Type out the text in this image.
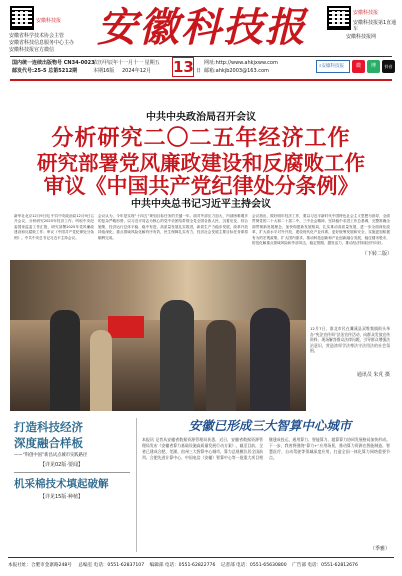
安徽科技报
安徽省科学技术协会主管
安徽省科技信息服务中心主办
安徽科技报官方微信	安徽科技报	安徽科技报
安徽科技报第1直通车
安徽科技报网
国内统一连续出版物号 CN34-0023
邮发代号:25-5 总第5212期
农历甲辰年十一月十一 星期五
本期16版	2024年12月	13 日
网址:http://www.ahkjxww.com
邮箱:ahkjb2003@163.com
⌕安徽科技报	微	博	抖音
中共中央政治局召开会议
分析研究二〇二五年经济工作
研究部署党风廉政建设和反腐败工作
审议《中国共产党纪律处分条例》
中共中央总书记习近平主持会议
新华社北京12月9日电 中共中央政治局12月9日召开会议，分析研究2025年经济工作；听取中央纪委国家监委工作汇报，研究部署2025年党风廉政建设和反腐败工作；审议《中国共产党纪律处分条例》。中共中央总书记习近平主持会议。
会议认为，今年是实现“十四五”规划目标任务的关键一年。面对外部压力加大、内部困难增多的复杂严峻形势，以习近平同志为核心的党中央团结带领全党全国各族人民，沉着应变、综合施策，经济运行总体平稳、稳中有进，高质量发展扎实推进，新质生产力稳步发展，改革开放持续深化，重点领域风险化解有序有效，民生保障扎实有力，经济社会发展主要目标任务即将顺利完成。
会议指出，做好明年经济工作，要以习近平新时代中国特色社会主义思想为指导，全面贯彻党的二十大和二十届二中、三中全会精神，坚持稳中求进工作总基调，完整准确全面贯彻新发展理念，加快构建新发展格局，扎实推动高质量发展，进一步全面深化改革，扩大高水平对外开放，建设现代化产业体系，更好统筹发展和安全，实施更加积极有为的宏观政策，扩大国内需求，推动科技创新和产业创新融合发展，稳住楼市股市，防范化解重点领域风险和外部冲击，稳定预期、激发活力，推动经济持续回升向好。
（下转二版）
12月7日，淮北市民在濉溪县双堆集镇街头举办“宪法宣传周”法治宣传活动，向群众发放宣传资料、现场解答群众法律问题，引导群众增强法治意识，营造浓厚学法尊法守法用法的社会氛围。
通讯员 朱芃 摄
打造科技经济
深度融合样板
——“科创中国”新昌试点城市实践路径
【详见02版·要闻】
机采棉技术填起破解
【详见15版·种植】
安徽已形成三大智算中心城市
本报讯 记者从安徽省数据资源管理局获悉，近日，安徽省数据资源管理局发布《安徽省算力基础设施高质量发展行动方案》。截至目前，全省已建成合肥、芜湖、宿州三大智算中心城市，算力总规模位居全国前列。合肥先进计算中心、中国电信（安徽）智算中心等一批重大项目相继建成投运，通用算力、智能算力、超算算力协同发展格局加快形成。下一步，我省将围绕“算力+”应用场景，推动算力资源在智能制造、智慧医疗、自动驾驶等领域深度应用，打造全国一体化算力网络重要节点。
（季雅）
本报社址：合肥市金寨路248号 总编室 电话：0551-62837107 编辑部 电话：0551-62822776 记者部 电话：0551-65630800 广告部 电话：0551-62812676
